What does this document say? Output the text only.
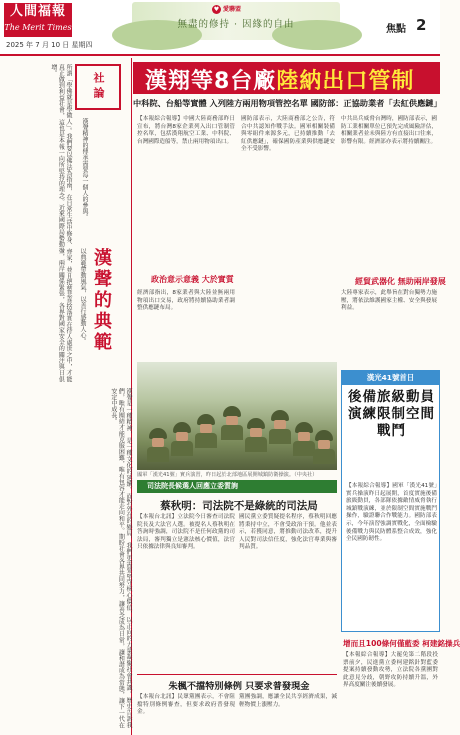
人間福報
The Merit Times
2025 年 7 月 10 日 星期四
♥ 愛聯盟
無盡的修持 · 因緣的自由	焦點 2
社論
漢聲精神的傳承需要每一個人的參與。
漢聲的典範
以典範帶動風氣，以善行感動人心。
所謂「學佛就是學做人」。我們要以佛法為指南，在日常生活中修身、齊家，並且把慈悲喜捨落實在待人處世之中，才能真正做到利益社會，這也是本報一向所堅持的理念。近來國際局勢動盪，兩岸關係緊張，各界對國家安全的關注與日俱增。
漢聲是一種精神，是一種文化的延續。面對外在的變局，我們更需要堅守核心價值，以正向的力量凝聚社會共識。歷史告訴我們，唯有團結才能克服困難，唯有包容才能走向和平。期盼社會各界共同努力，讓善念成為日常，讓和諧成為常態，讓下一代在安定中成長。
漢翔等8台廠陸納出口管制
中科院、台船等實體 入列陸方兩用物項管控名單 國防部：正協助業者「去紅供應鏈」
【本報綜合報導】中國大陸商務部昨日宣布，將台灣8家企業列入出口管制管控名單，包括漢翔航空工業、中科院、台灣國際造船等，禁止兩用物項出口。
國防部表示，大陸商務部之公告，符合中共認知作戰手法。國軍相關裝備與零組件來源多元，已持續推動「去紅供應鏈」，確保國防產業與供應鏈安全不受影響。
中共出兵威脅台灣時，國防部表示，國防工業相關單位已預先完成風險評估，相關業者並未與陸方有直接出口往來，影響有限。經濟部亦表示將持續關注。
政治意示意義 大於實質	經貿武器化 無助兩岸發展
經濟部指出，8家業者與大陸並無兩用物項出口交易，政府將持續協助業者調整供應鏈布局。
大陸專家表示，此舉旨在對台獨勢力施壓，將依法維護國家主權、安全與發展利益。
國軍「漢光41號」實兵演習，昨日起於北部地區展開城鎮防衛操演。（中央社）
漢光41號首日
後備旅級動員 演練限制空間戰鬥
【本報綜合報導】國軍「漢光41號」實兵操演昨日起展開，首度實施後備旅級動員，各部隊依據敵情威脅執行城鎮戰演練，並於限制空間實施戰鬥操作，驗證聯合作戰能力。國防部表示，今年演習強調實戰化，全面檢驗後備戰力與民防體系整合成效，強化全民國防韌性。
司法院長候選人回應立委質詢
蔡秋明：司法院不是綠統的司法局
【本報台北訊】立法院今日審查司法院院長及大法官人選。被提名人蔡秋明在答詢時強調，司法院不是任何政黨的司法局，審判獨立是憲法核心價值，法官只依據法律與良知審判。
國民黨立委質疑提名程序，蔡秋明回應將秉持中立，不會受政治干預。他並表示，若獲同意，將推動司法改革，提升人民對司法信任度，強化法官專業與審判品質。
朱楓不擋特別條例 只要求普發現金
【本報台北訊】民眾黨團表示，不會阻擋特別條例審查，但要求政府普發現金。
黨團強調，應讓全民共享經濟成果，減輕物價上漲壓力。
增而且100條何僅藍委 柯建銘操兵
【本報綜合報導】大罷免第二階段投票前夕，民進黨立委柯建銘針對藍委提案持續發動攻勢，立法院各黨團對此意見分歧，朝野攻防持續升溫，外界高度關注後續發展。
